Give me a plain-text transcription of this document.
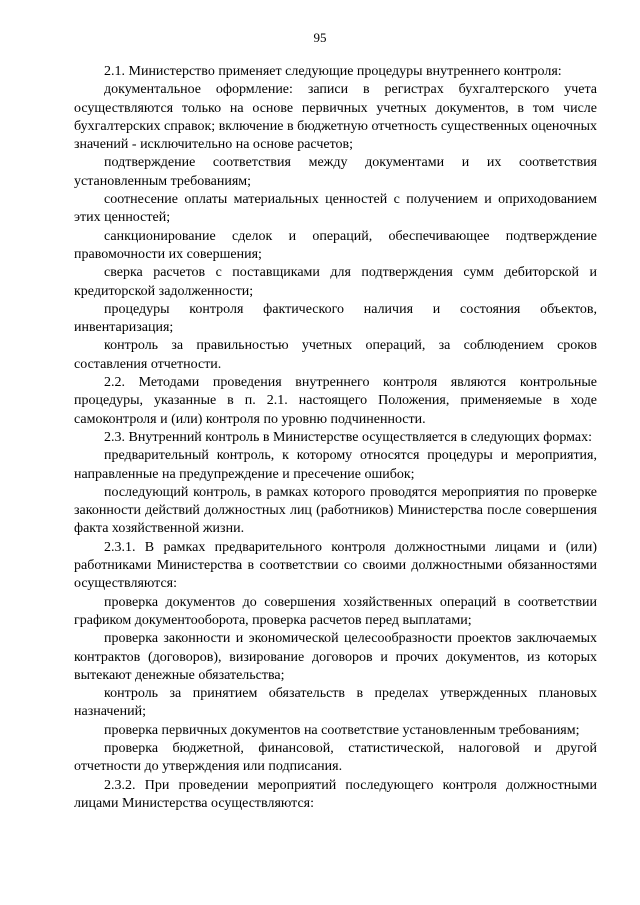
95

2.1. Министерство применяет следующие процедуры внутреннего контроля:

документальное оформление: записи в регистрах бухгалтерского учета осуществляются только на основе первичных учетных документов, в том числе бухгалтерских справок; включение в бюджетную отчетность существенных оценочных значений - исключительно на основе расчетов;

подтверждение соответствия между документами и их соответствия установленным требованиям;

соотнесение оплаты материальных ценностей с получением и оприходованием этих ценностей;

санкционирование сделок и операций, обеспечивающее подтверждение правомочности их совершения;

сверка расчетов с поставщиками для подтверждения сумм дебиторской и кредиторской задолженности;

процедуры контроля фактического наличия и состояния объектов, инвентаризация;

контроль за правильностью учетных операций, за соблюдением сроков составления отчетности.

2.2. Методами проведения внутреннего контроля являются контрольные процедуры, указанные в п. 2.1. настоящего Положения, применяемые в ходе самоконтроля и (или) контроля по уровню подчиненности.

2.3. Внутренний контроль в Министерстве осуществляется в следующих формах:

предварительный контроль, к которому относятся процедуры и мероприятия, направленные на предупреждение и пресечение ошибок;

последующий контроль, в рамках которого проводятся мероприятия по проверке законности действий должностных лиц (работников) Министерства после совершения факта хозяйственной жизни.

2.3.1. В рамках предварительного контроля должностными лицами и (или) работниками Министерства в соответствии со своими должностными обязанностями осуществляются:

проверка документов до совершения хозяйственных операций в соответствии графиком документооборота, проверка расчетов перед выплатами;

проверка законности и экономической целесообразности проектов заключаемых контрактов (договоров), визирование договоров и прочих документов, из которых вытекают денежные обязательства;

контроль за принятием обязательств в пределах утвержденных плановых назначений;

проверка первичных документов на соответствие установленным требованиям;

проверка бюджетной, финансовой, статистической, налоговой и другой отчетности до утверждения или подписания.

2.3.2. При проведении мероприятий последующего контроля должностными лицами Министерства осуществляются:
